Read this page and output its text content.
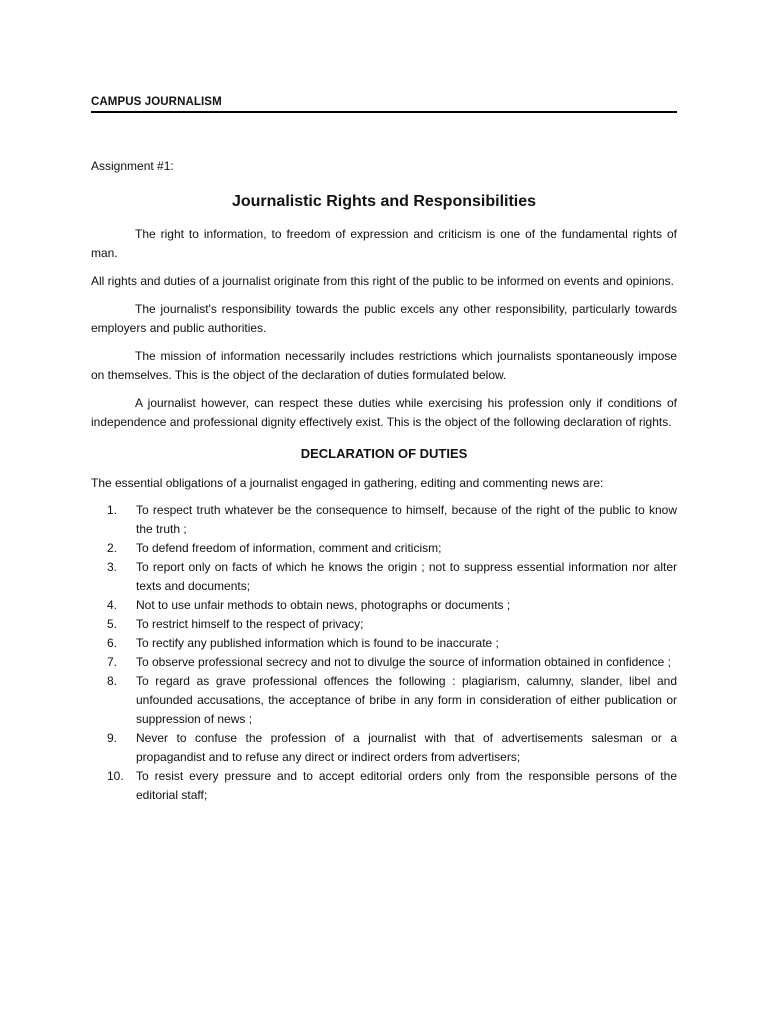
CAMPUS JOURNALISM
Assignment #1:
Journalistic Rights and Responsibilities

The right to information, to freedom of expression and criticism is one of the fundamental rights of man.

All rights and duties of a journalist originate from this right of the public to be informed on events and opinions.

The journalist's responsibility towards the public excels any other responsibility, particularly towards employers and public authorities.

The mission of information necessarily includes restrictions which journalists spontaneously impose on themselves. This is the object of the declaration of duties formulated below.

A journalist however, can respect these duties while exercising his profession only if conditions of independence and professional dignity effectively exist. This is the object of the following declaration of rights.

DECLARATION OF DUTIES

The essential obligations of a journalist engaged in gathering, editing and commenting news are:

1.	To respect truth whatever be the consequence to himself, because of the right of the public to know the truth ;
2.	To defend freedom of information, comment and criticism;
3.	To report only on facts of which he knows the origin ; not to suppress essential information nor alter texts and documents;
4.	Not to use unfair methods to obtain news, photographs or documents ;
5.	To restrict himself to the respect of privacy;
6.	To rectify any published information which is found to be inaccurate ;
7.	To observe professional secrecy and not to divulge the source of information obtained in confidence ;
8.	To regard as grave professional offences the following : plagiarism, calumny, slander, libel and unfounded accusations, the acceptance of bribe in any form in consideration of either publication or suppression of news ;
9.	Never to confuse the profession of a journalist with that of advertisements salesman or a propagandist and to refuse any direct or indirect orders from advertisers;
10.	To resist every pressure and to accept editorial orders only from the responsible persons of the editorial staff;
